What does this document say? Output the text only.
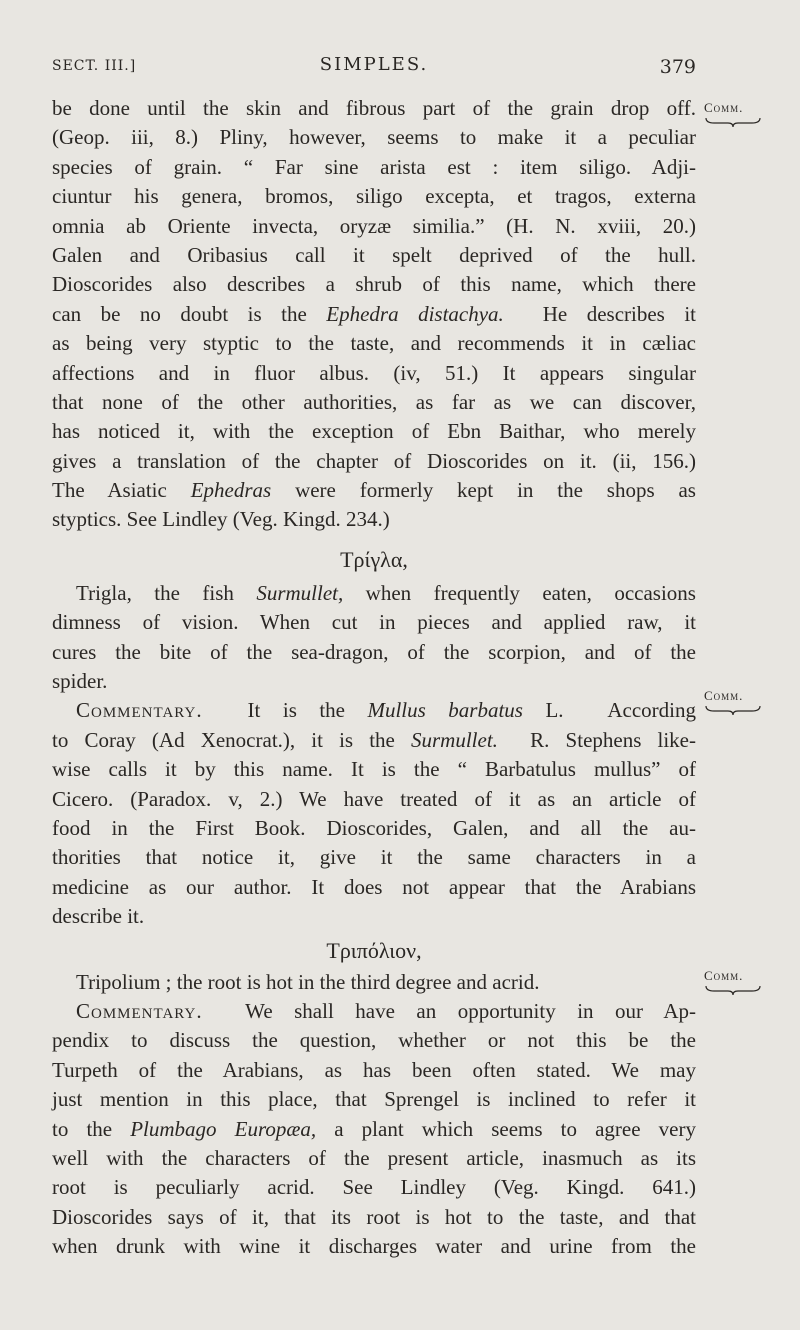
SECT. III.]	SIMPLES.	379
Comm.
Comm.
Comm.
be done until the skin and fibrous part of the grain drop off.
(Geop. iii, 8.) Pliny, however, seems to make it a peculiar
species of grain. “ Far sine arista est : item siligo. Adji-
ciuntur his genera, bromos, siligo excepta, et tragos, externa
omnia ab Oriente invecta, oryzæ similia.” (H. N. xviii, 20.)
Galen and Oribasius call it spelt deprived of the hull.
Dioscorides also describes a shrub of this name, which there
can be no doubt is the Ephedra distachya.  He describes it
as being very styptic to the taste, and recommends it in cæliac
affections and in fluor albus. (iv, 51.) It appears singular
that none of the other authorities, as far as we can discover,
has noticed it, with the exception of Ebn Baithar, who merely
gives a translation of the chapter of Dioscorides on it. (ii, 156.)
The Asiatic Ephedras were formerly kept in the shops as
styptics. See Lindley (Veg. Kingd. 234.)
Τρίγλα,
Trigla, the fish Surmullet, when frequently eaten, occasions
dimness of vision. When cut in pieces and applied raw, it
cures the bite of the sea-dragon, of the scorpion, and of the
spider.
Commentary.  It is the Mullus barbatus L.  According
to Coray (Ad Xenocrat.), it is the Surmullet.  R. Stephens like-
wise calls it by this name. It is the “ Barbatulus mullus” of
Cicero. (Paradox. v, 2.) We have treated of it as an article of
food in the First Book. Dioscorides, Galen, and all the au-
thorities that notice it, give it the same characters in a
medicine as our author. It does not appear that the Arabians
describe it.
Τριπόλιον,
Tripolium ; the root is hot in the third degree and acrid.
Commentary.  We shall have an opportunity in our Ap-
pendix to discuss the question, whether or not this be the
Turpeth of the Arabians, as has been often stated. We may
just mention in this place, that Sprengel is inclined to refer it
to the Plumbago Europæa, a plant which seems to agree very
well with the characters of the present article, inasmuch as its
root is peculiarly acrid. See Lindley (Veg. Kingd. 641.)
Dioscorides says of it, that its root is hot to the taste, and that
when drunk with wine it discharges water and urine from the
